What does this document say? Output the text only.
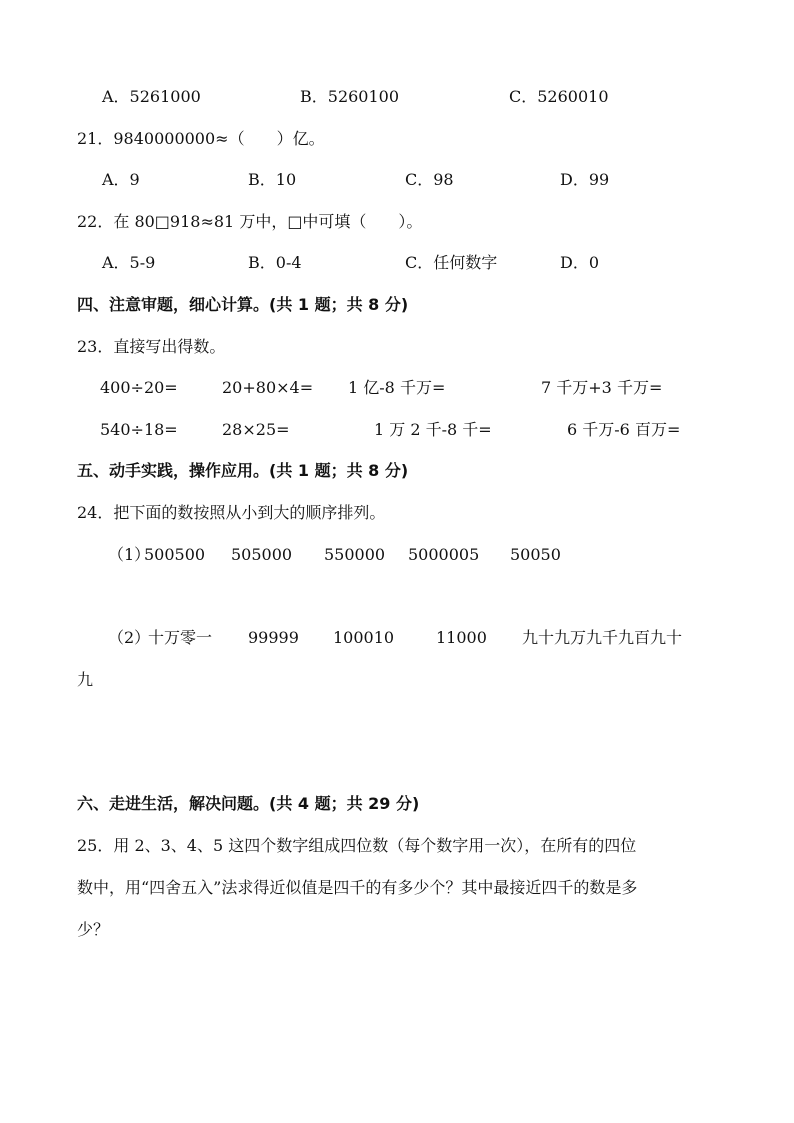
A．5261000	B．5260100	C．5260010
21．9840000000≈（　　）亿。
A．9	B．10	C．98	D．99
22．在 80□918≈81 万中，□中可填（　　）。
A．5-9	B．0-4	C．任何数字	D．0
四、注意审题，细心计算。(共 1 题；共 8 分)
23．直接写出得数。
400÷20=	20+80×4= 1 亿-8 千万=	7 千万+3 千万=
540÷18=	28×25=	1 万 2 千-8 千=	6 千万-6 百万=
五、动手实践，操作应用。(共 1 题；共 8 分)
24．把下面的数按照从小到大的顺序排列。
（1）
500500 505000 550000 5000005 50050
（2）
十万零一 99999 100010	11000 九十九万九千九百九十
九
六、走进生活，解决问题。(共 4 题；共 29 分)
25．用 2、3、4、5 这四个数字组成四位数（每个数字用一次），在所有的四位
数中，用“四舍五入”法求得近似值是四千的有多少个？其中最接近四千的数是多
少？
